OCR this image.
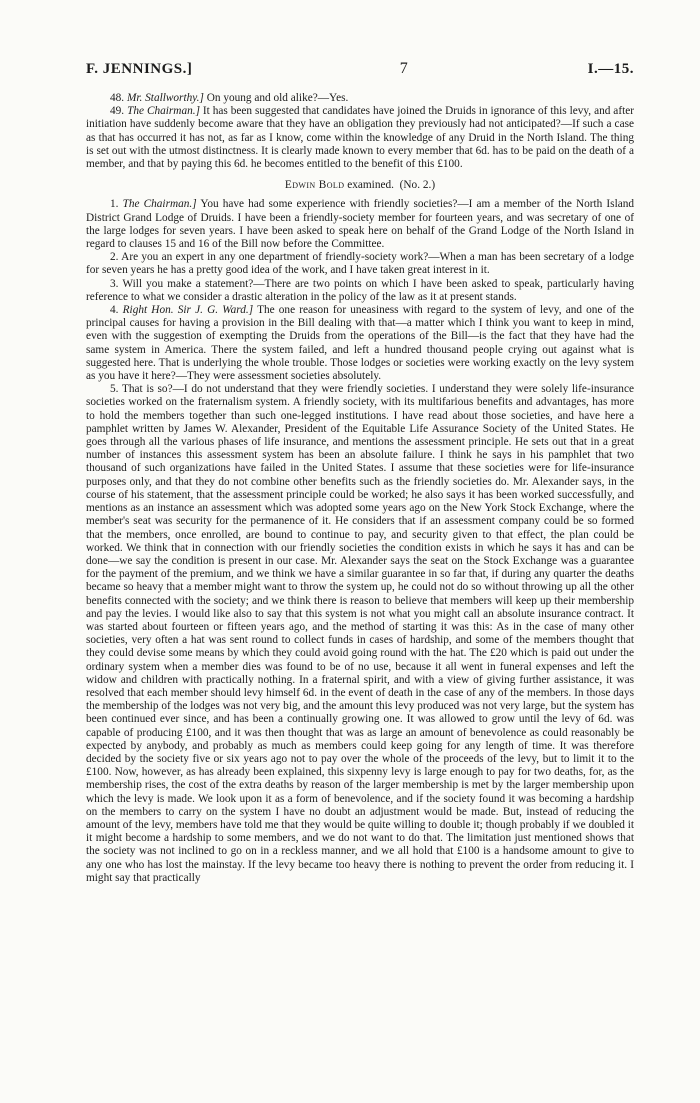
F. JENNINGS.]	7	I.—15.

48. Mr. Stallworthy.] On young and old alike?—Yes.

49. The Chairman.] It has been suggested that candidates have joined the Druids in ignorance of this levy, and after initiation have suddenly become aware that they have an obligation they previously had not anticipated?—If such a case as that has occurred it has not, as far as I know, come within the knowledge of any Druid in the North Island. The thing is set out with the utmost distinctness. It is clearly made known to every member that 6d. has to be paid on the death of a member, and that by paying this 6d. he becomes entitled to the benefit of this £100.

Edwin Bold examined. (No. 2.)

1. The Chairman.] You have had some experience with friendly societies?—I am a member of the North Island District Grand Lodge of Druids. I have been a friendly-society member for fourteen years, and was secretary of one of the large lodges for seven years. I have been asked to speak here on behalf of the Grand Lodge of the North Island in regard to clauses 15 and 16 of the Bill now before the Committee.

2. Are you an expert in any one department of friendly-society work?—When a man has been secretary of a lodge for seven years he has a pretty good idea of the work, and I have taken great interest in it.

3. Will you make a statement?—There are two points on which I have been asked to speak, particularly having reference to what we consider a drastic alteration in the policy of the law as it at present stands.

4. Right Hon. Sir J. G. Ward.] The one reason for uneasiness with regard to the system of levy, and one of the principal causes for having a provision in the Bill dealing with that—a matter which I think you want to keep in mind, even with the suggestion of exempting the Druids from the operations of the Bill—is the fact that they have had the same system in America. There the system failed, and left a hundred thousand people crying out against what is suggested here. That is underlying the whole trouble. Those lodges or societies were working exactly on the levy system as you have it here?—They were assessment societies absolutely.

5. That is so?—I do not understand that they were friendly societies. I understand they were solely life-insurance societies worked on the fraternalism system. A friendly society, with its multifarious benefits and advantages, has more to hold the members together than such one-legged institutions. I have read about those societies, and have here a pamphlet written by James W. Alexander, President of the Equitable Life Assurance Society of the United States. He goes through all the various phases of life insurance, and mentions the assessment principle. He sets out that in a great number of instances this assessment system has been an absolute failure. I think he says in his pamphlet that two thousand of such organizations have failed in the United States. I assume that these societies were for life-insurance purposes only, and that they do not combine other benefits such as the friendly societies do. Mr. Alexander says, in the course of his statement, that the assessment principle could be worked; he also says it has been worked successfully, and mentions as an instance an assessment which was adopted some years ago on the New York Stock Exchange, where the member's seat was security for the permanence of it. He considers that if an assessment company could be so formed that the members, once enrolled, are bound to continue to pay, and security given to that effect, the plan could be worked. We think that in connection with our friendly societies the condition exists in which he says it has and can be done—we say the condition is present in our case. Mr. Alexander says the seat on the Stock Exchange was a guarantee for the payment of the premium, and we think we have a similar guarantee in so far that, if during any quarter the deaths became so heavy that a member might want to throw the system up, he could not do so without throwing up all the other benefits connected with the society; and we think there is reason to believe that members will keep up their membership and pay the levies. I would like also to say that this system is not what you might call an absolute insurance contract. It was started about fourteen or fifteen years ago, and the method of starting it was this: As in the case of many other societies, very often a hat was sent round to collect funds in cases of hardship, and some of the members thought that they could devise some means by which they could avoid going round with the hat. The £20 which is paid out under the ordinary system when a member dies was found to be of no use, because it all went in funeral expenses and left the widow and children with practically nothing. In a fraternal spirit, and with a view of giving further assistance, it was resolved that each member should levy himself 6d. in the event of death in the case of any of the members. In those days the membership of the lodges was not very big, and the amount this levy produced was not very large, but the system has been continued ever since, and has been a continually growing one. It was allowed to grow until the levy of 6d. was capable of producing £100, and it was then thought that was as large an amount of benevolence as could reasonably be expected by anybody, and probably as much as members could keep going for any length of time. It was therefore decided by the society five or six years ago not to pay over the whole of the proceeds of the levy, but to limit it to the £100. Now, however, as has already been explained, this sixpenny levy is large enough to pay for two deaths, for, as the membership rises, the cost of the extra deaths by reason of the larger membership is met by the larger membership upon which the levy is made. We look upon it as a form of benevolence, and if the society found it was becoming a hardship on the members to carry on the system I have no doubt an adjustment would be made. But, instead of reducing the amount of the levy, members have told me that they would be quite willing to double it; though probably if we doubled it it might become a hardship to some members, and we do not want to do that. The limitation just mentioned shows that the society was not inclined to go on in a reckless manner, and we all hold that £100 is a handsome amount to give to any one who has lost the mainstay. If the levy became too heavy there is nothing to prevent the order from reducing it. I might say that practically
